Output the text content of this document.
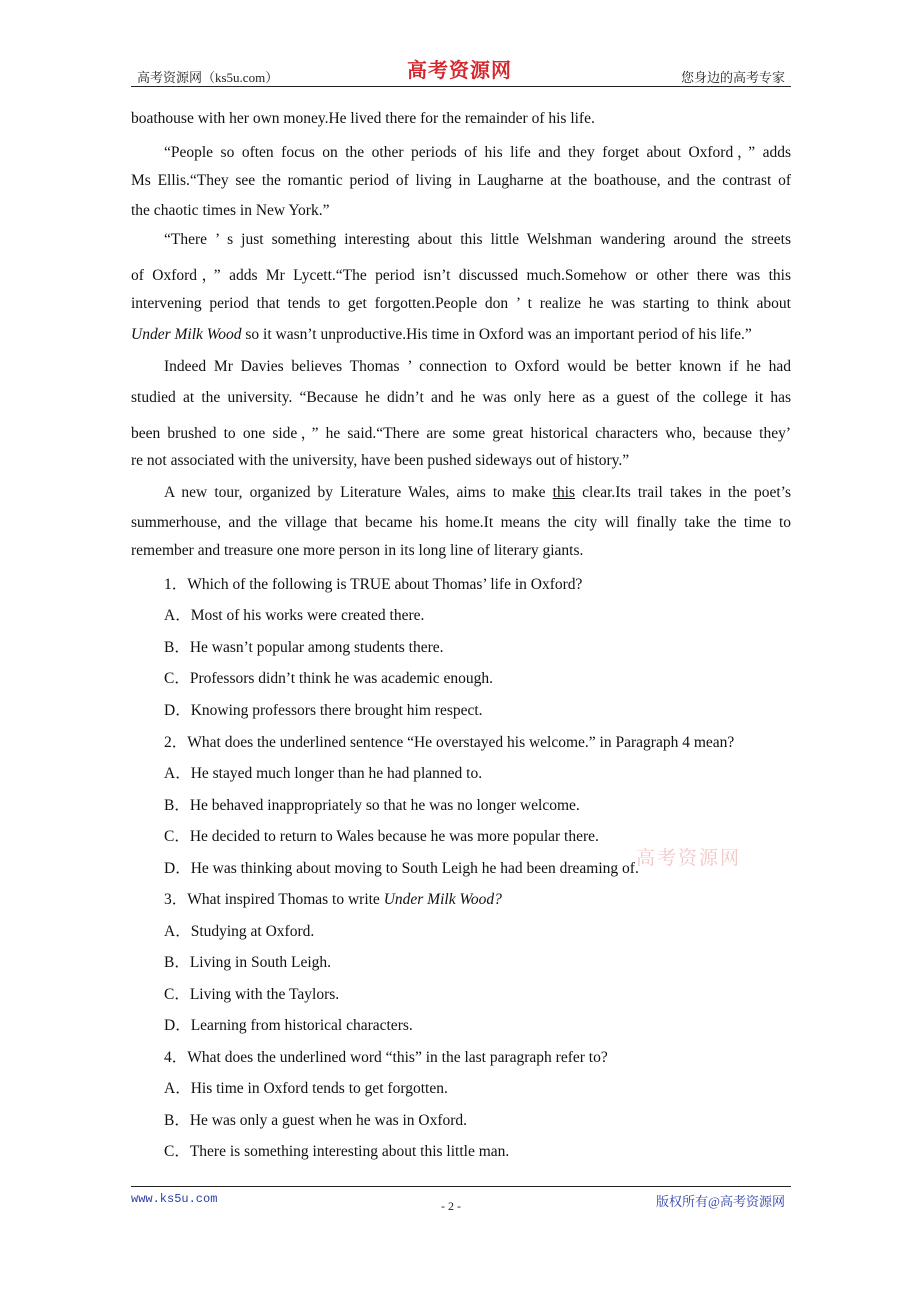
高考资源网（ks5u.com）	高考资源网	您身边的高考专家
boathouse with her own money.He lived there for the remainder of his life.
“People so often focus on the other periods of his life and they forget about Oxford，” adds
Ms Ellis.“They see the romantic period of living in Laugharne at the boathouse, and the contrast of
the chaotic times in New York.”
“There ’ s just something interesting about this little Welshman wandering around the streets
of Oxford，” adds Mr Lycett.“The period isn’t discussed much.Somehow or other there was this
intervening period that tends to get forgotten.People don ’ t realize he was starting to think about
Under Milk Wood so it wasn’t unproductive.His time in Oxford was an important period of his life.”
Indeed Mr Davies believes Thomas ’ connection to Oxford would be better known if he had
studied at the university. “Because he didn’t and he was only here as a guest of the college it has
been brushed to one side，” he said.“There are some great historical characters who, because they’
re not associated with the university, have been pushed sideways out of history.”
A new tour, organized by Literature Wales, aims to make this clear.Its trail takes in the poet’s
summerhouse, and the village that became his home.It means the city will finally take the time to
remember and treasure one more person in its long line of literary giants.
1．Which of the following is TRUE about Thomas’ life in Oxford?
A．Most of his works were created there.
B．He wasn’t popular among students there.
C．Professors didn’t think he was academic enough.
D．Knowing professors there brought him respect.
2．What does the underlined sentence “He overstayed his welcome.” in Paragraph 4 mean?
A．He stayed much longer than he had planned to.
B．He behaved inappropriately so that he was no longer welcome.
C．He decided to return to Wales because he was more popular there.
D．He was thinking about moving to South Leigh he had been dreaming of.
3．What inspired Thomas to write Under Milk Wood?
A．Studying at Oxford.
B．Living in South Leigh.
C．Living with the Taylors.
D．Learning from historical characters.
4．What does the underlined word “this” in the last paragraph refer to?
A．His time in Oxford tends to get forgotten.
B．He was only a guest when he was in Oxford.
C．There is something interesting about this little man.
高考资源网
www.ks5u.com	- 2 -	版权所有@高考资源网
